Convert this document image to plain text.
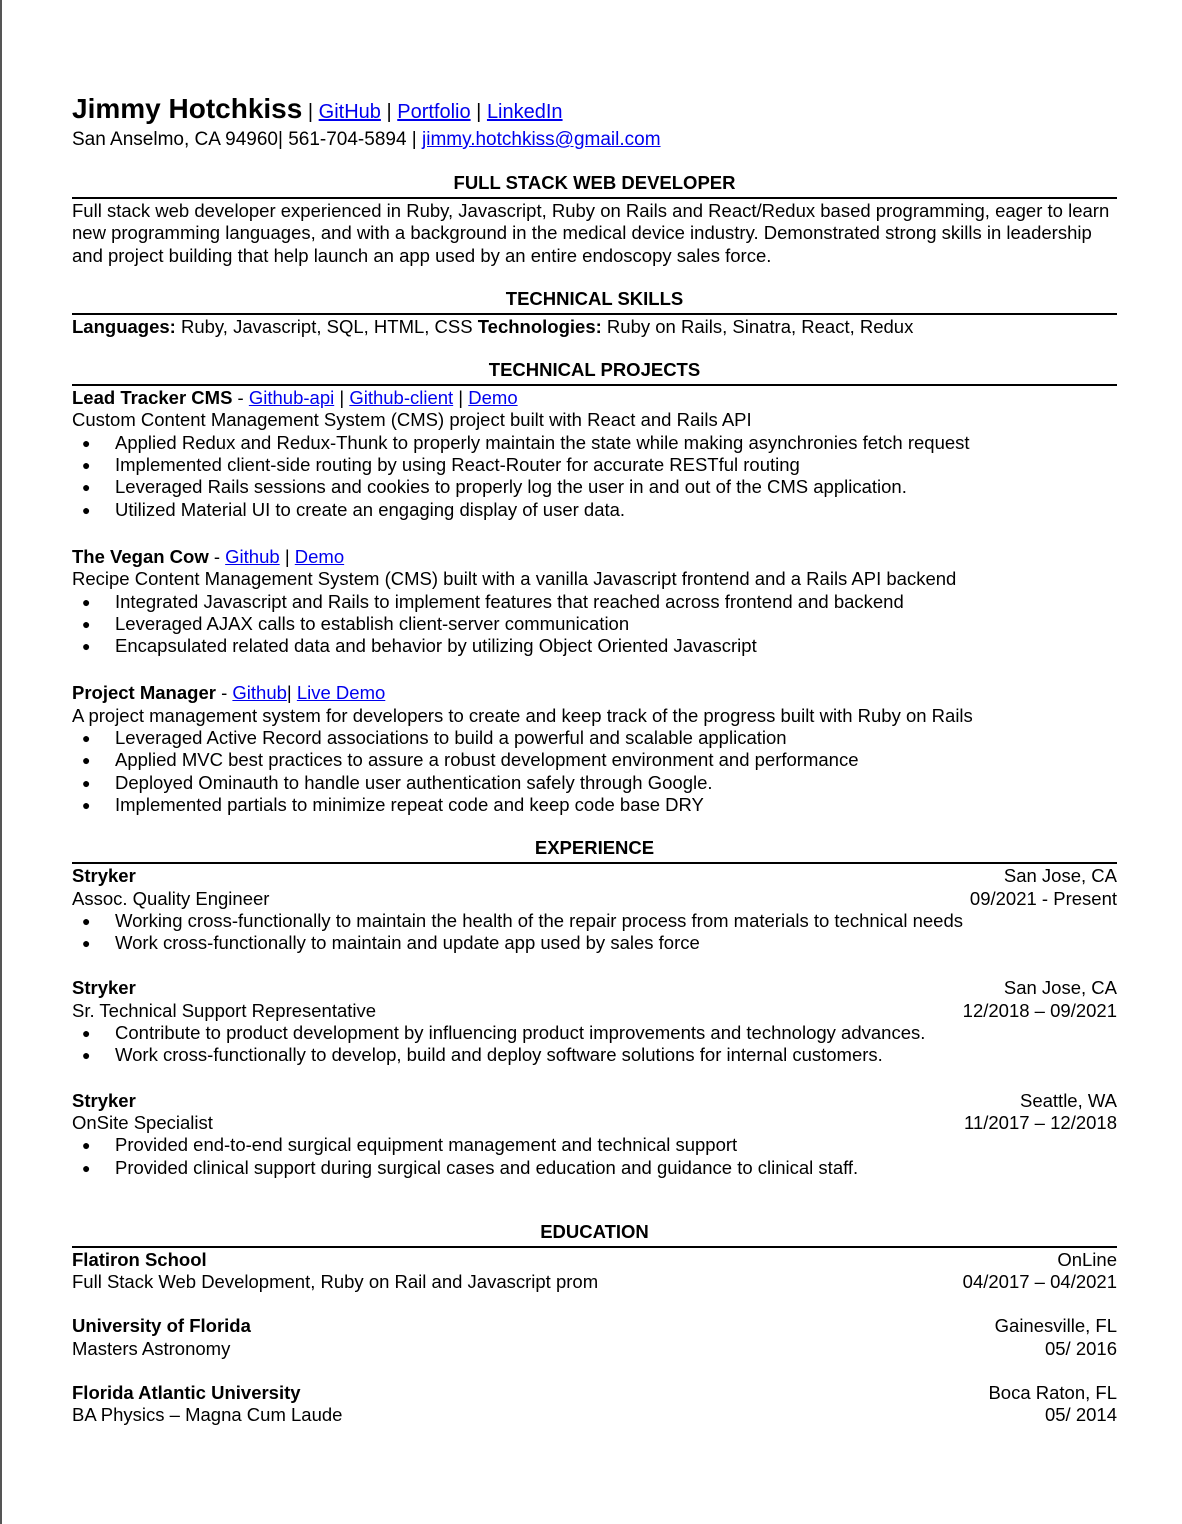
Jimmy Hotchkiss | GitHub | Portfolio | LinkedIn
San Anselmo, CA 94960| 561-704-5894 | jimmy.hotchkiss@gmail.com
FULL STACK WEB DEVELOPER
Full stack web developer experienced in Ruby, Javascript, Ruby on Rails and React/Redux based programming, eager to learn new programming languages, and with a background in the medical device industry. Demonstrated strong skills in leadership and project building that help launch an app used by an entire endoscopy sales force.
TECHNICAL SKILLS
Languages: Ruby, Javascript, SQL, HTML, CSS Technologies: Ruby on Rails, Sinatra, React, Redux
TECHNICAL PROJECTS
Lead Tracker CMS - Github-api | Github-client | Demo
Custom Content Management System (CMS) project built with React and Rails API
● Applied Redux and Redux-Thunk to properly maintain the state while making asynchronies fetch request
● Implemented client-side routing by using React-Router for accurate RESTful routing
● Leveraged Rails sessions and cookies to properly log the user in and out of the CMS application.
● Utilized Material UI to create an engaging display of user data.
The Vegan Cow - Github | Demo
Recipe Content Management System (CMS) built with a vanilla Javascript frontend and a Rails API backend
● Integrated Javascript and Rails to implement features that reached across frontend and backend
● Leveraged AJAX calls to establish client-server communication
● Encapsulated related data and behavior by utilizing Object Oriented Javascript
Project Manager - Github| Live Demo
A project management system for developers to create and keep track of the progress built with Ruby on Rails
● Leveraged Active Record associations to build a powerful and scalable application
● Applied MVC best practices to assure a robust development environment and performance
● Deployed Ominauth to handle user authentication safely through Google.
● Implemented partials to minimize repeat code and keep code base DRY
EXPERIENCE
Stryker	San Jose, CA
Assoc. Quality Engineer	09/2021 - Present
● Working cross-functionally to maintain the health of the repair process from materials to technical needs
● Work cross-functionally to maintain and update app used by sales force
Stryker	San Jose, CA
Sr. Technical Support Representative	12/2018 – 09/2021
● Contribute to product development by influencing product improvements and technology advances.
● Work cross-functionally to develop, build and deploy software solutions for internal customers.
Stryker	Seattle, WA
OnSite Specialist	11/2017 – 12/2018
● Provided end-to-end surgical equipment management and technical support
● Provided clinical support during surgical cases and education and guidance to clinical staff.
EDUCATION
Flatiron School	OnLine
Full Stack Web Development, Ruby on Rail and Javascript prom	04/2017 – 04/2021
University of Florida	Gainesville, FL
Masters Astronomy	05/ 2016
Florida Atlantic University	Boca Raton, FL
BA Physics – Magna Cum Laude	05/ 2014
